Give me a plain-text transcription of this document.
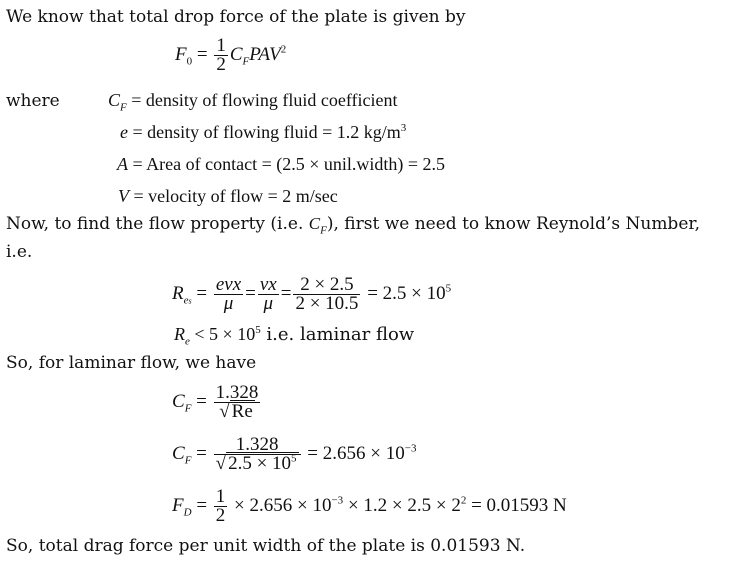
We know that total drop force of the plate is given by
$F_0 = \frac{1}{2} C_FPAV^2$
where	$C_F$ = density of flowing fluid coefficient
e = density of flowing fluid = 1.2 $kg/m^3$
A = Area of contact = (2.5 × unil.width) = 2.5
V = velocity of flow = 2 m/sec
Now, to find the flow property (i.e. $C_F$), first we need to know Reynold’s Number,
i.e.
$R_{es} = \frac{\text{evx}}{\mu} = \frac{vx}{\mu} = \frac{2 \times 2.5}{2 \times 10.5} = 2.5 \times 10^5$
$R_e < 5 \times 10^5$ i.e. laminar flow
So, for laminar flow, we have
$C_F = \frac{1.328}{√ Re}$
$C_F = \frac{1.328}{√ 2.5 \times 10^5} = 2.656 \times 10^{-3}$
$F_D = \frac{1}{2} \times 2.656 \times 10^{-3} \times 1.2 \times 2.5 \times 2^2 = 0.01593$ N
So, total drag force per unit width of the plate is 0.01593 N.
